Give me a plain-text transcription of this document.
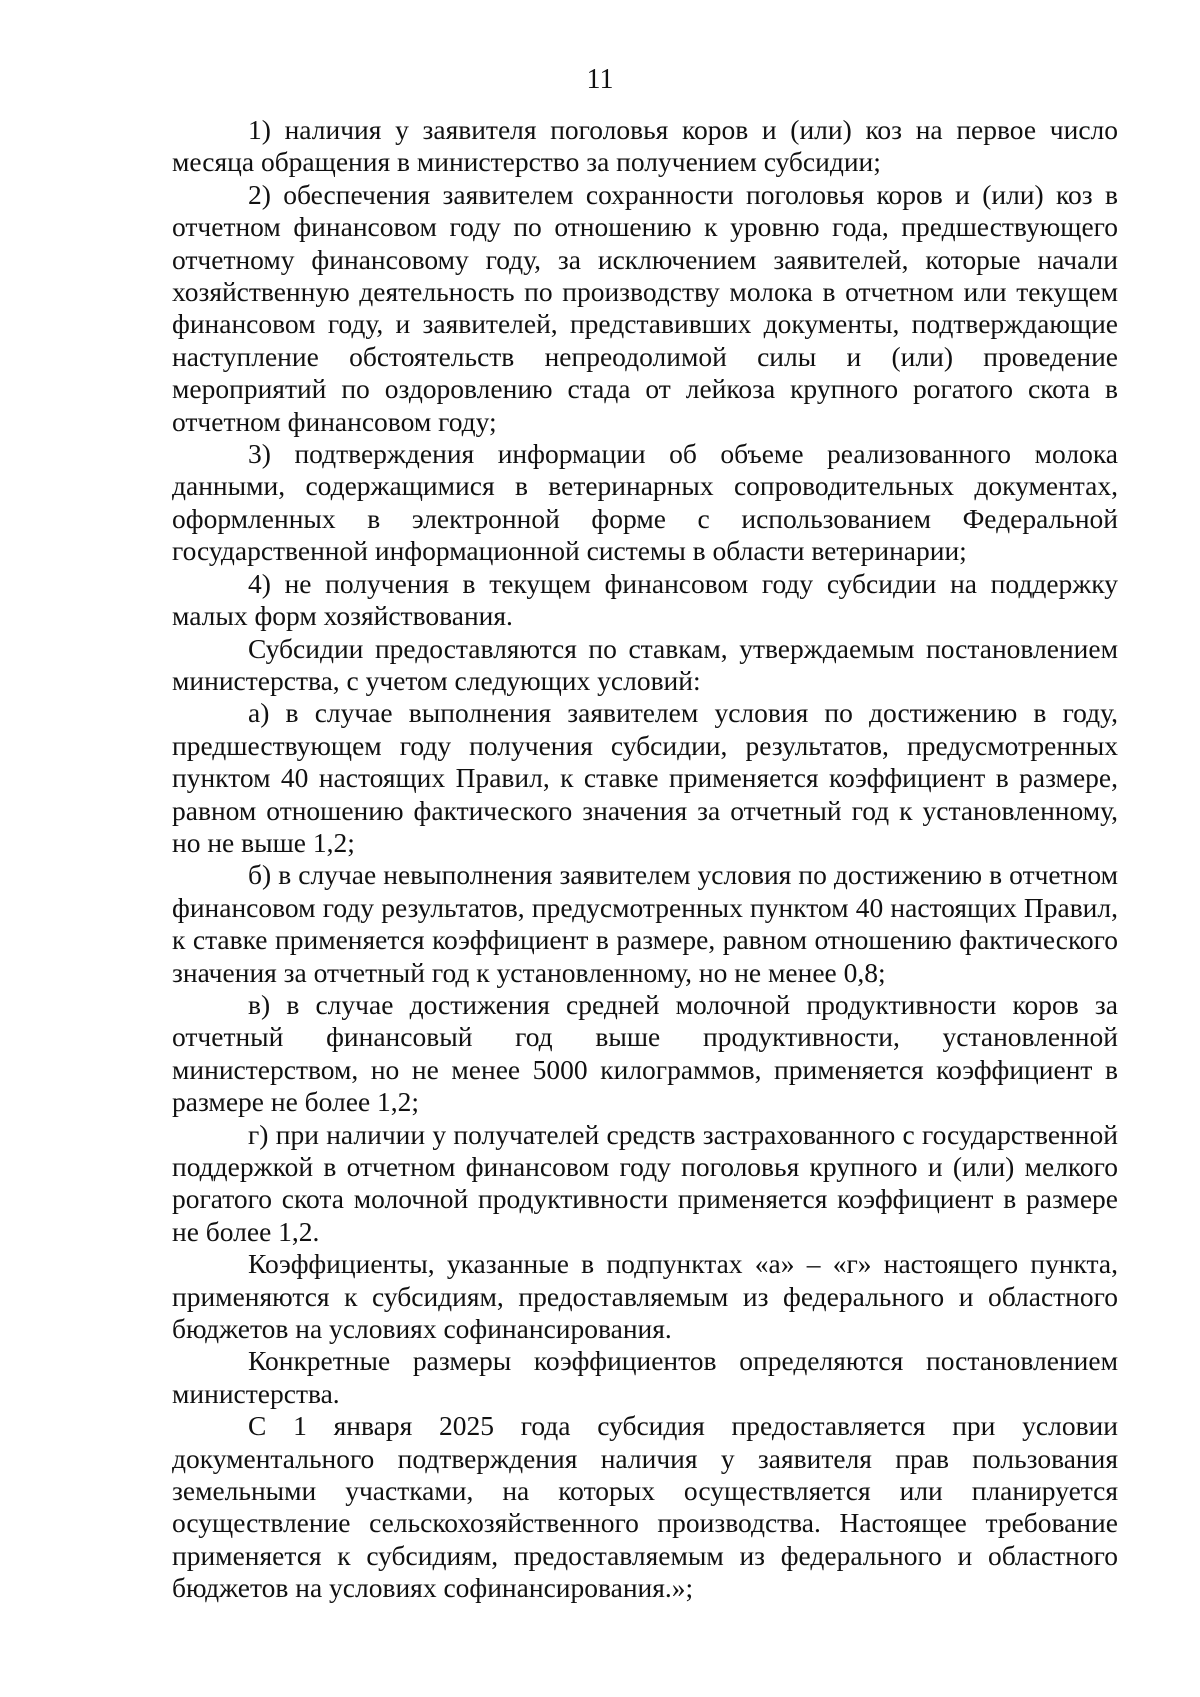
11

1) наличия у заявителя поголовья коров и (или) коз на первое число месяца обращения в министерство за получением субсидии;

2) обеспечения заявителем сохранности поголовья коров и (или) коз в отчетном финансовом году по отношению к уровню года, предшествующего отчетному финансовому году, за исключением заявителей, которые начали хозяйственную деятельность по производству молока в отчетном или текущем финансовом году, и заявителей, представивших документы, подтверждающие наступление обстоятельств непреодолимой силы и (или) проведение мероприятий по оздоровлению стада от лейкоза крупного рогатого скота в отчетном финансовом году;

3) подтверждения информации об объеме реализованного молока данными, содержащимися в ветеринарных сопроводительных документах, оформленных в электронной форме с использованием Федеральной государственной информационной системы в области ветеринарии;

4) не получения в текущем финансовом году субсидии на поддержку малых форм хозяйствования.

Субсидии предоставляются по ставкам, утверждаемым постановлением министерства, с учетом следующих условий:

а) в случае выполнения заявителем условия по достижению в году, предшествующем году получения субсидии, результатов, предусмотренных пунктом 40 настоящих Правил, к ставке применяется коэффициент в размере, равном отношению фактического значения за отчетный год к установленному, но не выше 1,2;

б) в случае невыполнения заявителем условия по достижению в отчетном финансовом году результатов, предусмотренных пунктом 40 настоящих Правил, к ставке применяется коэффициент в размере, равном отношению фактического значения за отчетный год к установленному, но не менее 0,8;

в) в случае достижения средней молочной продуктивности коров за отчетный финансовый год выше продуктивности, установленной министерством, но не менее 5000 килограммов, применяется коэффициент в размере не более 1,2;

г) при наличии у получателей средств застрахованного с государственной поддержкой в отчетном финансовом году поголовья крупного и (или) мелкого рогатого скота молочной продуктивности применяется коэффициент в размере не более 1,2.

Коэффициенты, указанные в подпунктах «а» – «г» настоящего пункта, применяются к субсидиям, предоставляемым из федерального и областного бюджетов на условиях софинансирования.

Конкретные размеры коэффициентов определяются постановлением министерства.

С 1 января 2025 года субсидия предоставляется при условии документального подтверждения наличия у заявителя прав пользования земельными участками, на которых осуществляется или планируется осуществление сельскохозяйственного производства. Настоящее требование применяется к субсидиям, предоставляемым из федерального и областного бюджетов на условиях софинансирования.»;
